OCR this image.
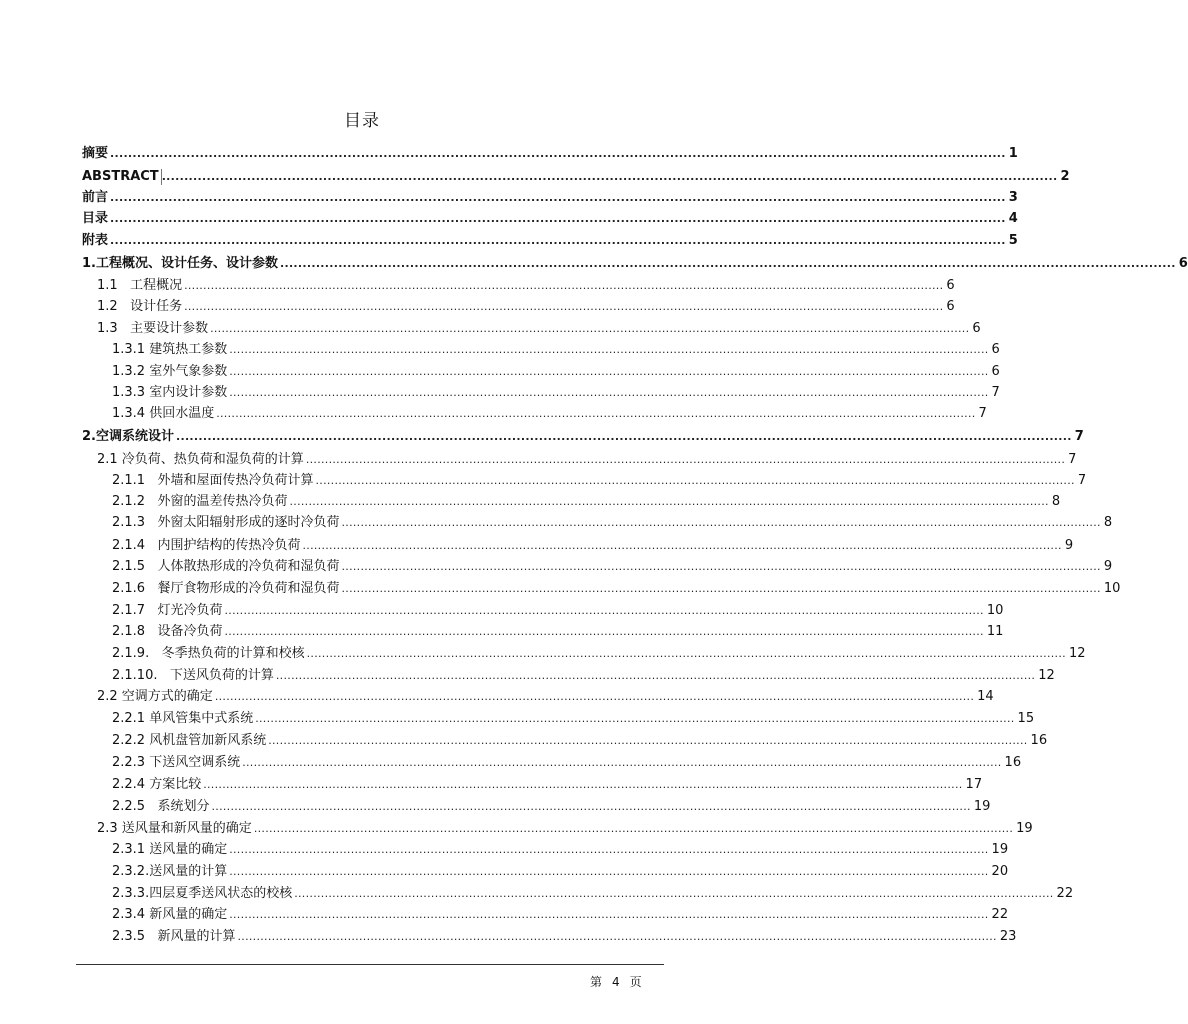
目录
摘要 ........................................................................................................................................................................................................ 1
ABSTRACT ........................................................................................................................................................................................................ 2
前言 ........................................................................................................................................................................................................ 3
目录 ........................................................................................................................................................................................................ 4
附表 ........................................................................................................................................................................................................ 5
1.工程概况、设计任务、设计参数 ........................................................................................................................................................................................................ 6
1.1   工程概况 ........................................................................................................................................................................................................ 6
1.2   设计任务 ........................................................................................................................................................................................................ 6
1.3   主要设计参数 ........................................................................................................................................................................................................ 6
1.3.1 建筑热工参数 ........................................................................................................................................................................................................ 6
1.3.2 室外气象参数 ........................................................................................................................................................................................................ 6
1.3.3 室内设计参数 ........................................................................................................................................................................................................ 7
1.3.4 供回水温度 ........................................................................................................................................................................................................ 7
2.空调系统设计 ........................................................................................................................................................................................................ 7
2.1 冷负荷、热负荷和湿负荷的计算 ........................................................................................................................................................................................................ 7
2.1.1   外墙和屋面传热冷负荷计算 ........................................................................................................................................................................................................ 7
2.1.2   外窗的温差传热冷负荷 ........................................................................................................................................................................................................ 8
2.1.3   外窗太阳辐射形成的逐时冷负荷 ........................................................................................................................................................................................................ 8
2.1.4   内围护结构的传热冷负荷 ........................................................................................................................................................................................................ 9
2.1.5   人体散热形成的冷负荷和湿负荷 ........................................................................................................................................................................................................ 9
2.1.6   餐厅食物形成的冷负荷和湿负荷 ........................................................................................................................................................................................................ 10
2.1.7   灯光冷负荷 ........................................................................................................................................................................................................ 10
2.1.8   设备冷负荷 ........................................................................................................................................................................................................ 11
2.1.9.   冬季热负荷的计算和校核 ........................................................................................................................................................................................................ 12
2.1.10.   下送风负荷的计算 ........................................................................................................................................................................................................ 12
2.2 空调方式的确定 ........................................................................................................................................................................................................ 14
2.2.1 单风管集中式系统 ........................................................................................................................................................................................................ 15
2.2.2 风机盘管加新风系统 ........................................................................................................................................................................................................ 16
2.2.3 下送风空调系统 ........................................................................................................................................................................................................ 16
2.2.4 方案比较 ........................................................................................................................................................................................................ 17
2.2.5   系统划分 ........................................................................................................................................................................................................ 19
2.3 送风量和新风量的确定 ........................................................................................................................................................................................................ 19
2.3.1 送风量的确定 ........................................................................................................................................................................................................ 19
2.3.2.送风量的计算 ........................................................................................................................................................................................................ 20
2.3.3.四层夏季送风状态的校核 ........................................................................................................................................................................................................ 22
2.3.4 新风量的确定 ........................................................................................................................................................................................................ 22
2.3.5   新风量的计算 ........................................................................................................................................................................................................ 23
第 4 页
